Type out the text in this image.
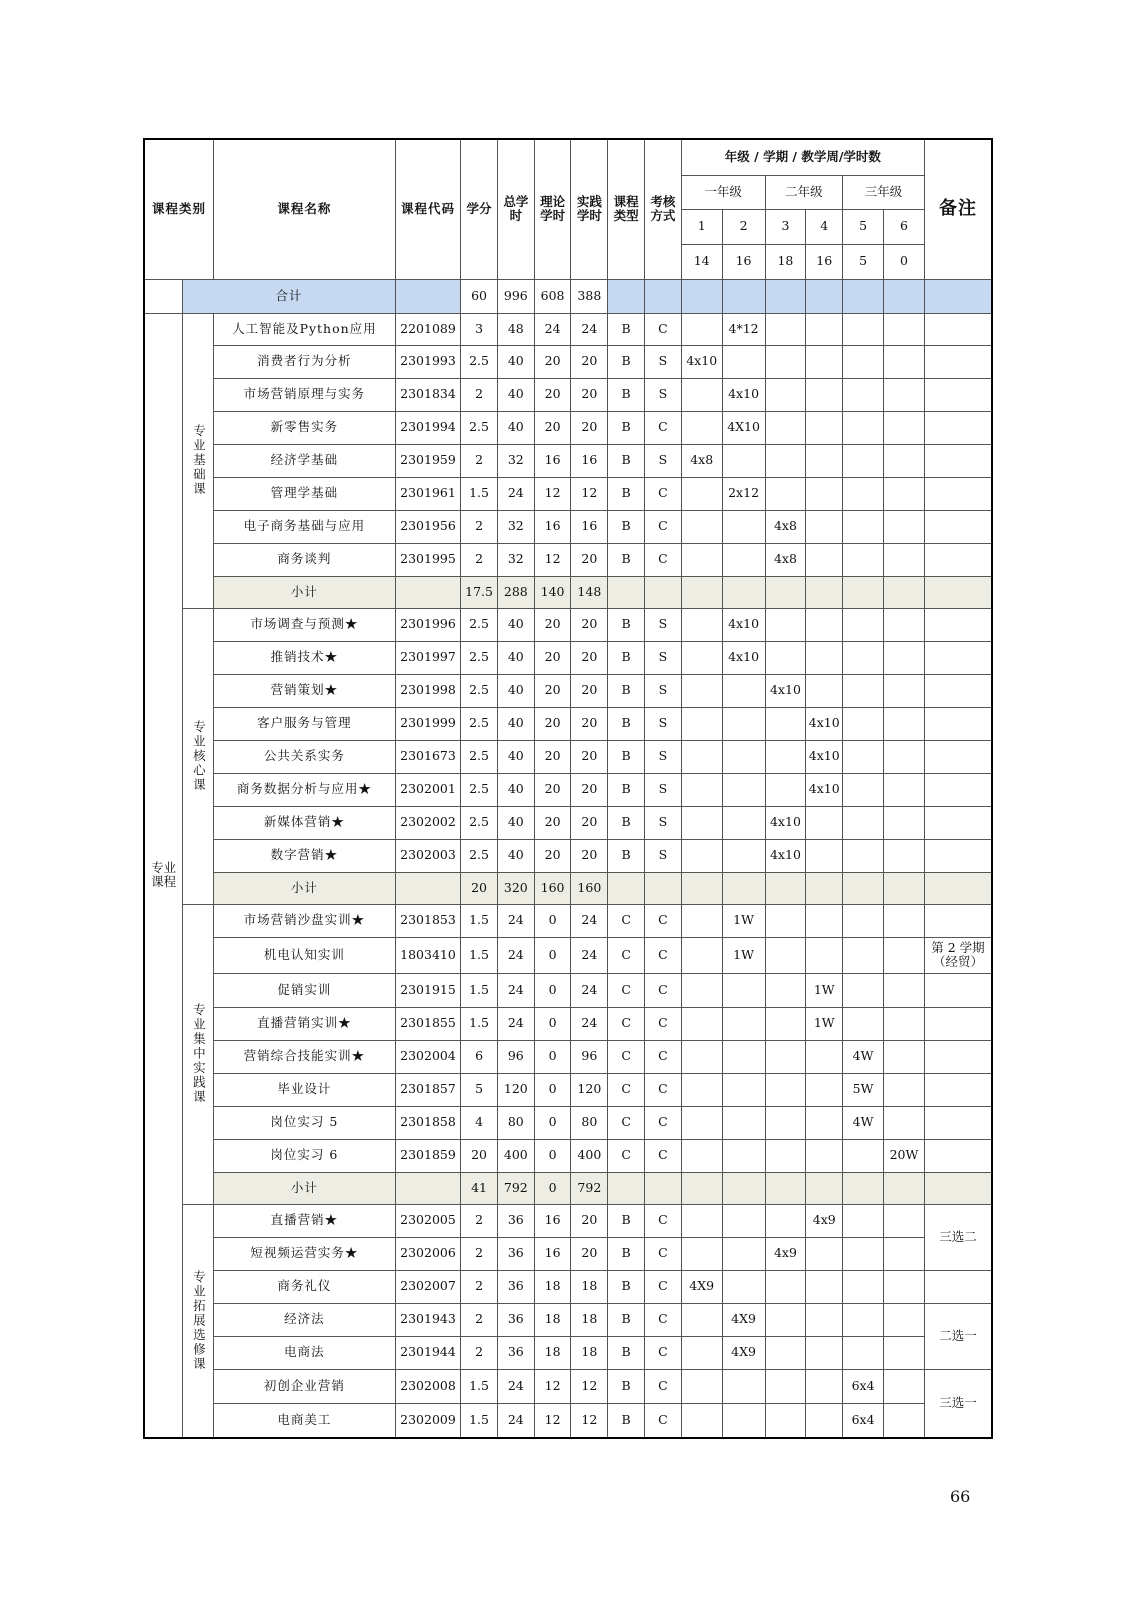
课程类别		课程名称	课程代码	学分	总学时	理论学时	实践学时	课程类型	考核方式	年级 / 学期 / 教学周/学时数						备注
										一年级		二年级		三年级		
										1	2	3	4	5	6	
										14	16	18	16	5	0	
	合计			60	996	608	388									
专业课程	专业基础课	人工智能及Python应用	2201089	3	48	24	24	B	C		4*12					
		消费者行为分析	2301993	2.5	40	20	20	B	S	4x10						
		市场营销原理与实务	2301834	2	40	20	20	B	S		4x10					
		新零售实务	2301994	2.5	40	20	20	B	C		4X10					
		经济学基础	2301959	2	32	16	16	B	S	4x8						
		管理学基础	2301961	1.5	24	12	12	B	C		2x12					
		电子商务基础与应用	2301956	2	32	16	16	B	C			4x8				
		商务谈判	2301995	2	32	12	20	B	C			4x8				
		小计		17.5	288	140	148									
	专业核心课	市场调查与预测★	2301996	2.5	40	20	20	B	S		4x10					
		推销技术★	2301997	2.5	40	20	20	B	S		4x10					
		营销策划★	2301998	2.5	40	20	20	B	S			4x10				
		客户服务与管理	2301999	2.5	40	20	20	B	S				4x10			
		公共关系实务	2301673	2.5	40	20	20	B	S				4x10			
		商务数据分析与应用★	2302001	2.5	40	20	20	B	S				4x10			
		新媒体营销★	2302002	2.5	40	20	20	B	S			4x10				
		数字营销★	2302003	2.5	40	20	20	B	S			4x10				
		小计		20	320	160	160									
	专业集中实践课	市场营销沙盘实训★	2301853	1.5	24	0	24	C	C		1W					
		机电认知实训	1803410	1.5	24	0	24	C	C		1W					第 2 学期（经贸）
		促销实训	2301915	1.5	24	0	24	C	C				1W			
		直播营销实训★	2301855	1.5	24	0	24	C	C				1W			
		营销综合技能实训★	2302004	6	96	0	96	C	C					4W		
		毕业设计	2301857	5	120	0	120	C	C					5W		
		岗位实习 5	2301858	4	80	0	80	C	C					4W		
		岗位实习 6	2301859	20	400	0	400	C	C						20W	
		小计		41	792	0	792									
	专业拓展选修课	直播营销★	2302005	2	36	16	20	B	C				4x9			三选二
		短视频运营实务★	2302006	2	36	16	20	B	C			4x9				
		商务礼仪	2302007	2	36	18	18	B	C	4X9						
		经济法	2301943	2	36	18	18	B	C		4X9					二选一
		电商法	2301944	2	36	18	18	B	C		4X9					
		初创企业营销	2302008	1.5	24	12	12	B	C					6x4		三选一
		电商美工	2302009	1.5	24	12	12	B	C					6x4		
66
